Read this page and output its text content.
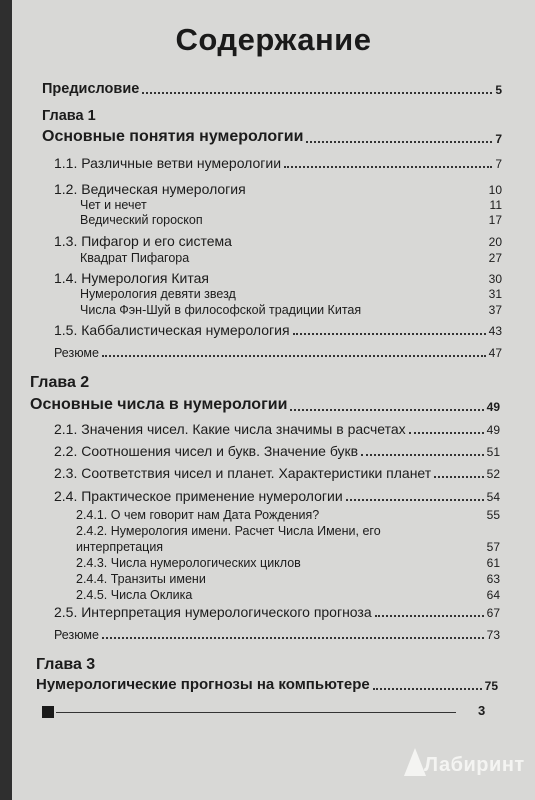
Содержание
Предисловие	5
Глава 1
Основные понятия нумерологии	7
1.1. Различные ветви нумерологии	7
1.2. Ведическая нумерология	10
Чет и нечет	11
Ведический гороскоп	17
1.3. Пифагор и его система	20
Квадрат Пифагора	27
1.4. Нумерология Китая	30
Нумерология девяти звезд	31
Числа Фэн-Шуй в философской традиции Китая	37
1.5. Каббалистическая нумерология	43
Резюме	47
Глава 2
Основные числа в нумерологии	49
2.1. Значения чисел. Какие числа значимы в расчетах	49
2.2. Соотношения чисел и букв. Значение букв	51
2.3. Соответствия чисел и планет. Характеристики планет	52
2.4. Практическое применение нумерологии	54
2.4.1. О чем говорит нам Дата Рождения?	55
2.4.2. Нумерология имени. Расчет Числа Имени, его
интерпретация	57
2.4.3. Числа нумерологических циклов	61
2.4.4. Транзиты имени	63
2.4.5. Числа Оклика	64
2.5. Интерпретация нумерологического прогноза	67
Резюме	73
Глава 3
Нумерологические прогнозы на компьютере	75
3
Лабиринт
